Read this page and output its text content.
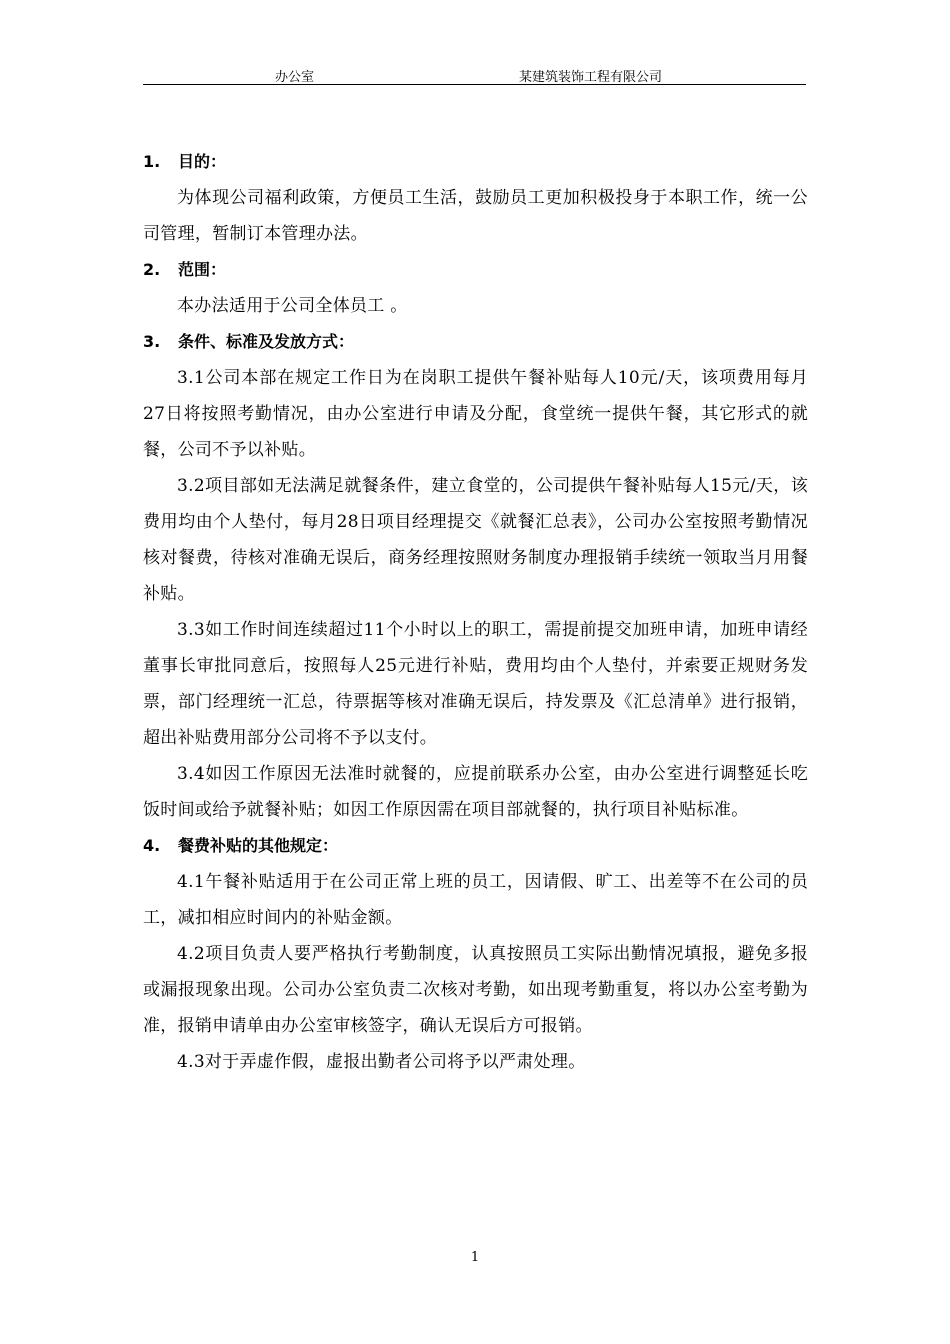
办公室	某建筑装饰工程有限公司
1. 目的：

为体现公司福利政策，方便员工生活，鼓励员工更加积极投身于本职工作，统一公司管理，暂制订本管理办法。

2. 范围：

本办法适用于公司全体员工 。

3. 条件、标准及发放方式：

3.1公司本部在规定工作日为在岗职工提供午餐补贴每人10元/天，该项费用每月27日将按照考勤情况，由办公室进行申请及分配，食堂统一提供午餐，其它形式的就餐，公司不予以补贴。

3.2项目部如无法满足就餐条件，建立食堂的，公司提供午餐补贴每人15元/天，该费用均由个人垫付，每月28日项目经理提交《就餐汇总表》，公司办公室按照考勤情况核对餐费，待核对准确无误后，商务经理按照财务制度办理报销手续统一领取当月用餐补贴。

3.3如工作时间连续超过11个小时以上的职工，需提前提交加班申请，加班申请经董事长审批同意后，按照每人25元进行补贴，费用均由个人垫付，并索要正规财务发票，部门经理统一汇总，待票据等核对准确无误后，持发票及《汇总清单》进行报销，超出补贴费用部分公司将不予以支付。

3.4如因工作原因无法准时就餐的，应提前联系办公室，由办公室进行调整延长吃饭时间或给予就餐补贴；如因工作原因需在项目部就餐的，执行项目补贴标准。

4. 餐费补贴的其他规定：

4.1午餐补贴适用于在公司正常上班的员工，因请假、旷工、出差等不在公司的员工，减扣相应时间内的补贴金额。

4.2项目负责人要严格执行考勤制度，认真按照员工实际出勤情况填报，避免多报或漏报现象出现。公司办公室负责二次核对考勤，如出现考勤重复，将以办公室考勤为准，报销申请单由办公室审核签字，确认无误后方可报销。

4.3对于弄虚作假，虚报出勤者公司将予以严肃处理。

1
